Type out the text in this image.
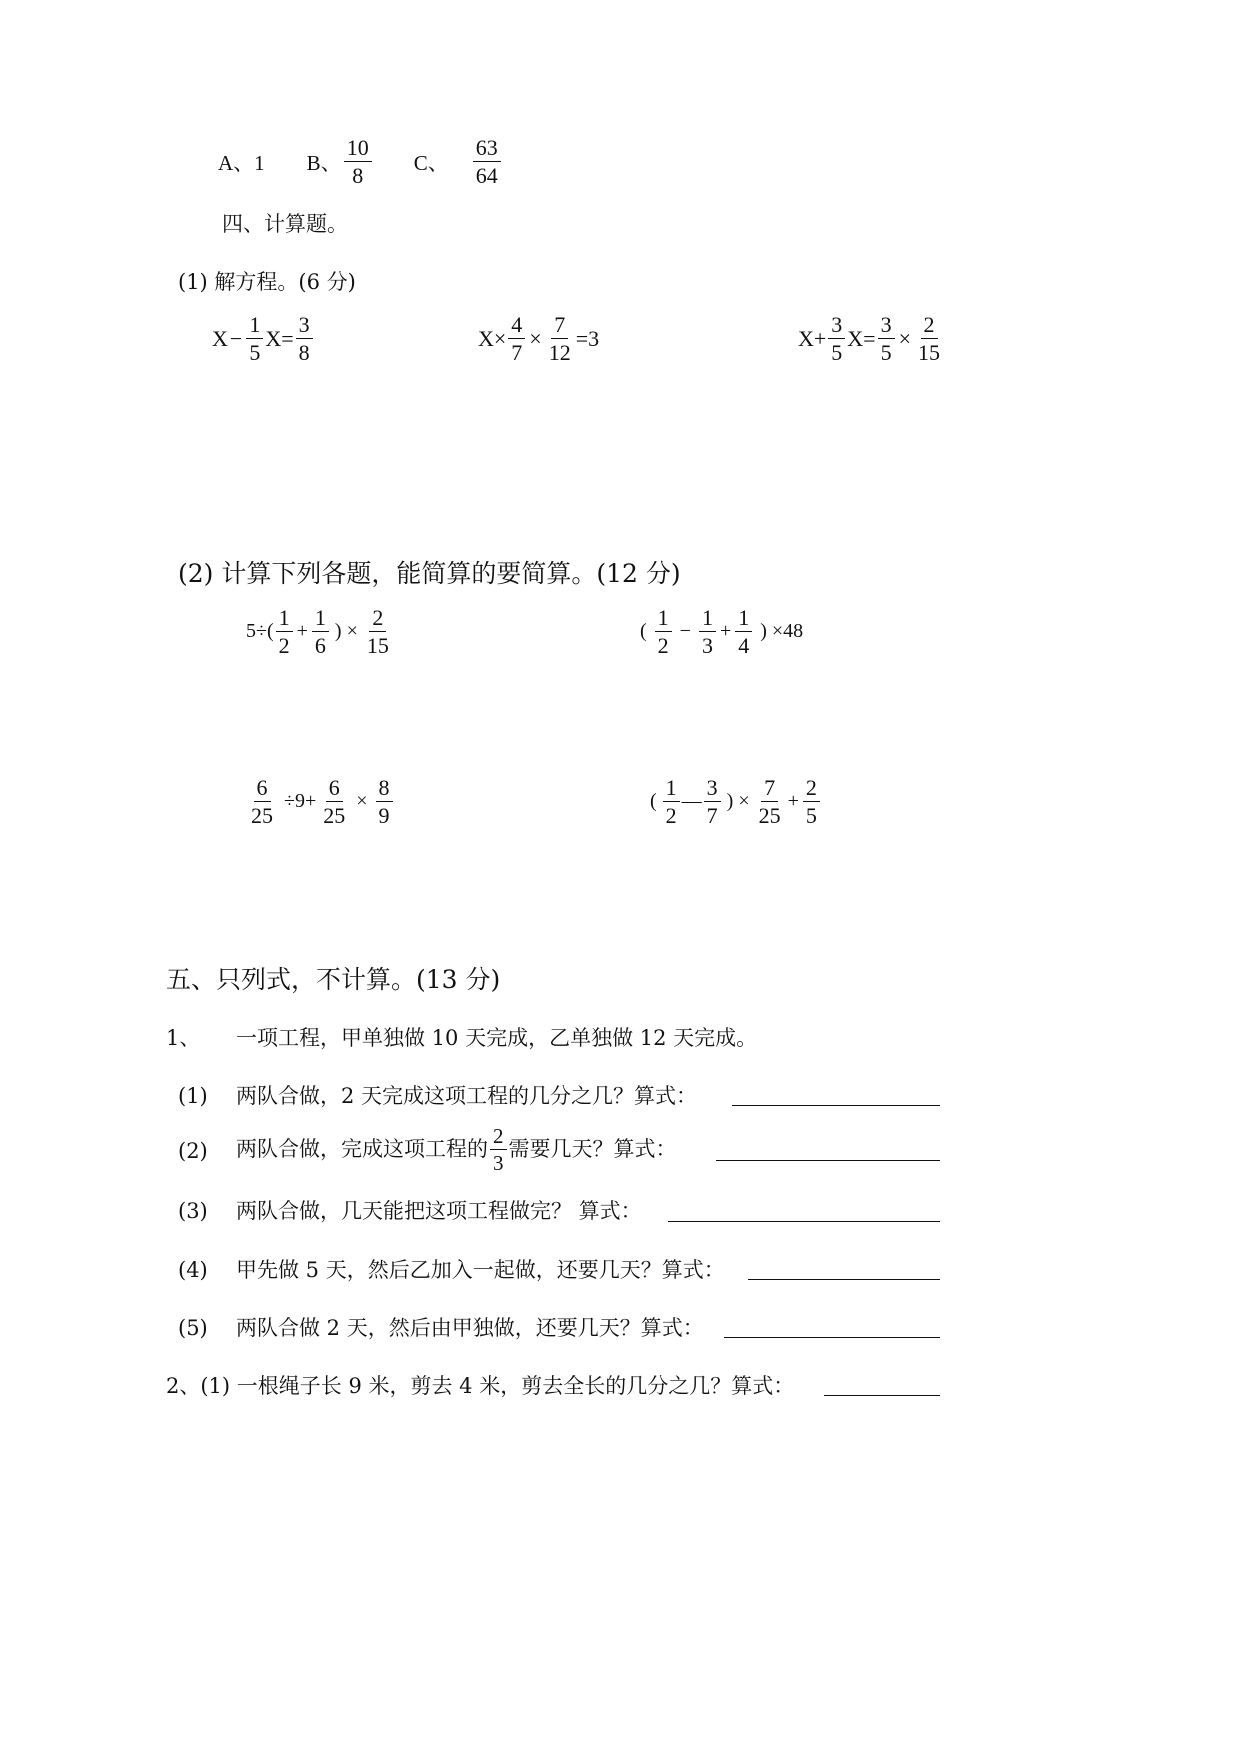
A、1 B、 $\frac{10}{8}$ C、 $\frac{63}{64}$
四、计算题。
(1) 解方程。(6 分)
$X - \frac{1}{5} X= \frac{3}{8}$	$X\times \frac{4}{7} \times \frac{7}{12} =3$	$X+ \frac{3}{5} X= \frac{3}{5} \times \frac{2}{15}$
(2) 计算下列各题，能简算的要简算。(12 分)
$5\div( \frac{1}{2} + \frac{1}{6}$ ) × $\frac{2}{15}$	( $\frac{1}{2} - \frac{1}{3} + \frac{1}{4}$ ) ×48
$\frac{6}{25} \div 9+ \frac{6}{25} \times \frac{8}{9}$	( $\frac{1}{2}$ — $\frac{3}{7}$ ) × $\frac{7}{25} + \frac{2}{5}$
五、只列式，不计算。(13 分)
1、 一项工程，甲单独做 10 天完成，乙单独做 12 天完成。
(1) 两队合做，2 天完成这项工程的几分之几？算式：
(2) 两队合做，完成这项工程的 $\frac{2}{3}$ 需要几天？算式：
(3) 两队合做，几天能把这项工程做完？ 算式：
(4) 甲先做 5 天，然后乙加入一起做，还要几天？算式：
(5) 两队合做 2 天，然后由甲独做，还要几天？算式：
2、(1) 一根绳子长 9 米，剪去 4 米，剪去全长的几分之几？算式：
